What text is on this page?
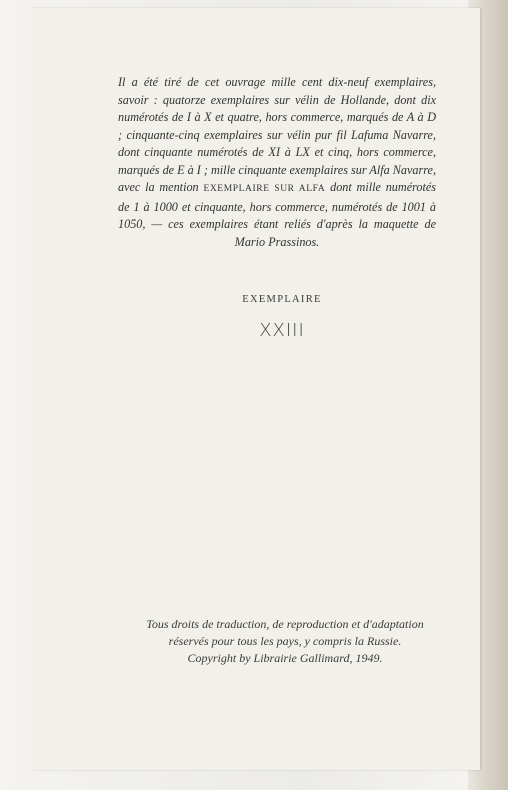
Il a été tiré de cet ouvrage mille cent dix-neuf exemplaires, savoir : quatorze exemplaires sur vélin de Hollande, dont dix numérotés de I à X et quatre, hors commerce, marqués de A à D ; cinquante-cinq exemplaires sur vélin pur fil Lafuma Navarre, dont cinquante numérotés de XI à LX et cinq, hors commerce, marqués de E à I ; mille cinquante exemplaires sur Alfa Navarre, avec la mention EXEMPLAIRE SUR ALFA dont mille numérotés de 1 à 1000 et cinquante, hors commerce, numérotés de 1001 à 1050, — ces exemplaires étant reliés d'après la maquette de Mario Prassinos.
EXEMPLAIRE
XXIII
Tous droits de traduction, de reproduction et d'adaptation
réservés pour tous les pays, y compris la Russie.
Copyright by Librairie Gallimard, 1949.
